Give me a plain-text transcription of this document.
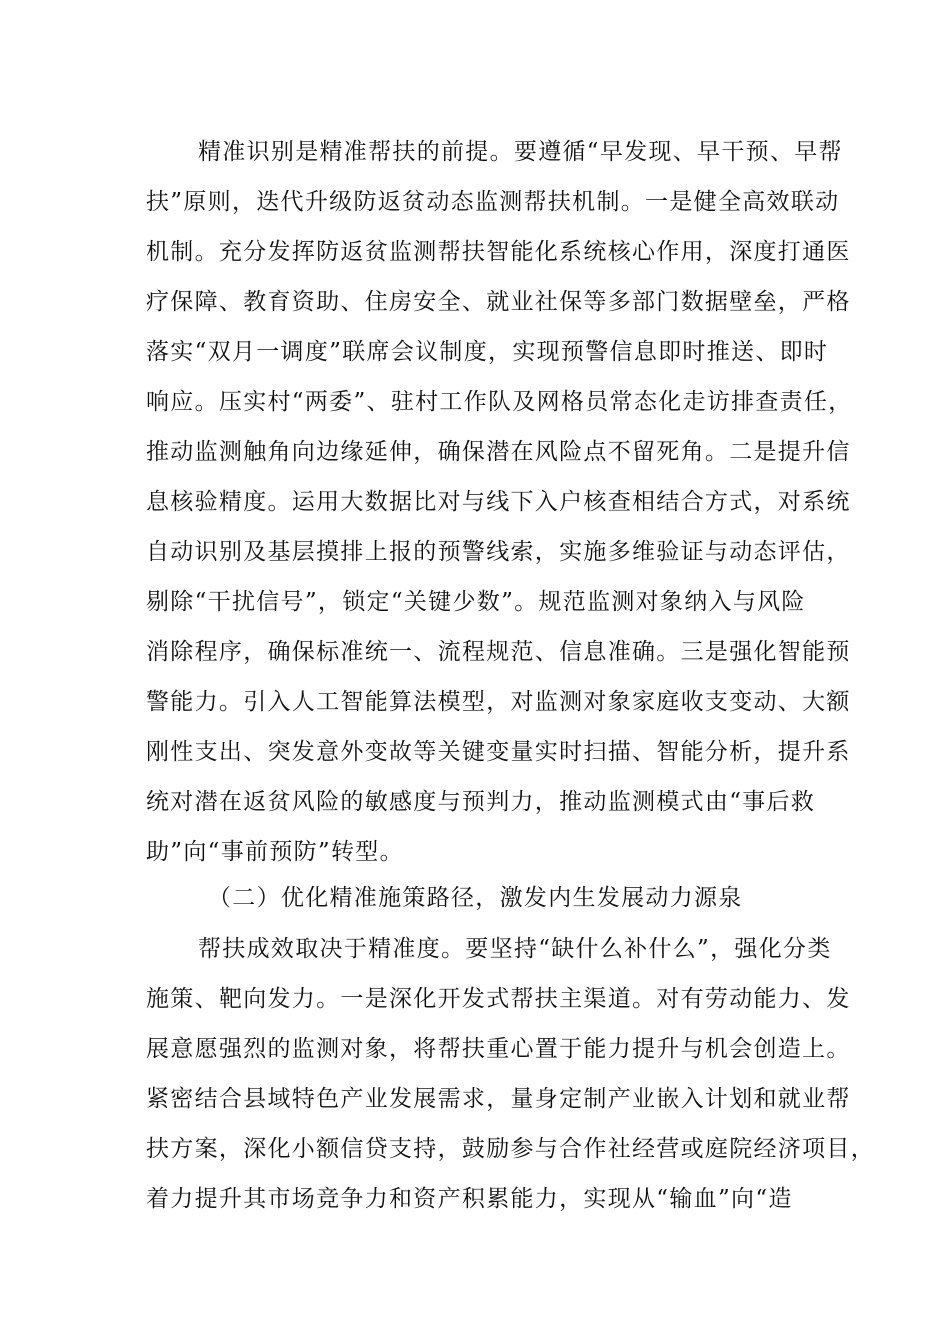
精准识别是精准帮扶的前提。要遵循“早发现、早干预、早帮
扶”原则，迭代升级防返贫动态监测帮扶机制。一是健全高效联动
机制。充分发挥防返贫监测帮扶智能化系统核心作用，深度打通医
疗保障、教育资助、住房安全、就业社保等多部门数据壁垒，严格
落实“双月一调度”联席会议制度，实现预警信息即时推送、即时
响应。压实村“两委”、驻村工作队及网格员常态化走访排查责任，
推动监测触角向边缘延伸，确保潜在风险点不留死角。二是提升信
息核验精度。运用大数据比对与线下入户核查相结合方式，对系统
自动识别及基层摸排上报的预警线索，实施多维验证与动态评估，
剔除“干扰信号”，锁定“关键少数”。规范监测对象纳入与风险
消除程序，确保标准统一、流程规范、信息准确。三是强化智能预
警能力。引入人工智能算法模型，对监测对象家庭收支变动、大额
刚性支出、突发意外变故等关键变量实时扫描、智能分析，提升系
统对潜在返贫风险的敏感度与预判力，推动监测模式由“事后救
助”向“事前预防”转型。
（二）优化精准施策路径，激发内生发展动力源泉
帮扶成效取决于精准度。要坚持“缺什么补什么”，强化分类
施策、靶向发力。一是深化开发式帮扶主渠道。对有劳动能力、发
展意愿强烈的监测对象，将帮扶重心置于能力提升与机会创造上。
紧密结合县域特色产业发展需求，量身定制产业嵌入计划和就业帮
扶方案，深化小额信贷支持，鼓励参与合作社经营或庭院经济项目，
着力提升其市场竞争力和资产积累能力，实现从“输血”向“造
